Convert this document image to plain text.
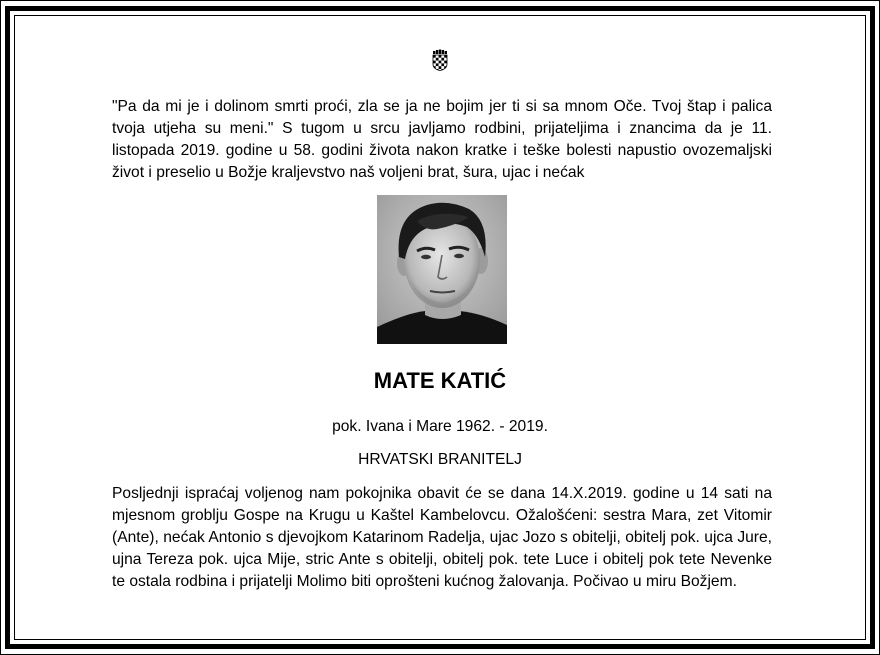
"Pa da mi je i dolinom smrti proći, zla se ja ne bojim jer ti si sa mnom Oče. Tvoj štap i palica tvoja utjeha su meni." S tugom u srcu javljamo rodbini, prijateljima i znancima da je 11. listopada 2019. godine u 58. godini života nakon kratke i teške bolesti napustio ovozemaljski život i preselio u Božje kraljevstvo naš voljeni brat, šura, ujac i nećak
MATE KATIĆ
pok. Ivana i Mare 1962. - 2019.
HRVATSKI BRANITELJ
Posljednji ispraćaj voljenog nam pokojnika obavit će se dana 14.X.2019. godine u 14 sati na mjesnom groblju Gospe na Krugu u Kaštel Kambelovcu. Ožalošćeni: sestra Mara, zet Vitomir (Ante), nećak Antonio s djevojkom Katarinom Radelja, ujac Jozo s obitelji, obitelj pok. ujca Jure, ujna Tereza pok. ujca Mije, stric Ante s obitelji, obitelj pok. tete Luce i obitelj pok tete Nevenke te ostala rodbina i prijatelji Molimo biti oprošteni kućnog žalovanja. Počivao u miru Božjem.
